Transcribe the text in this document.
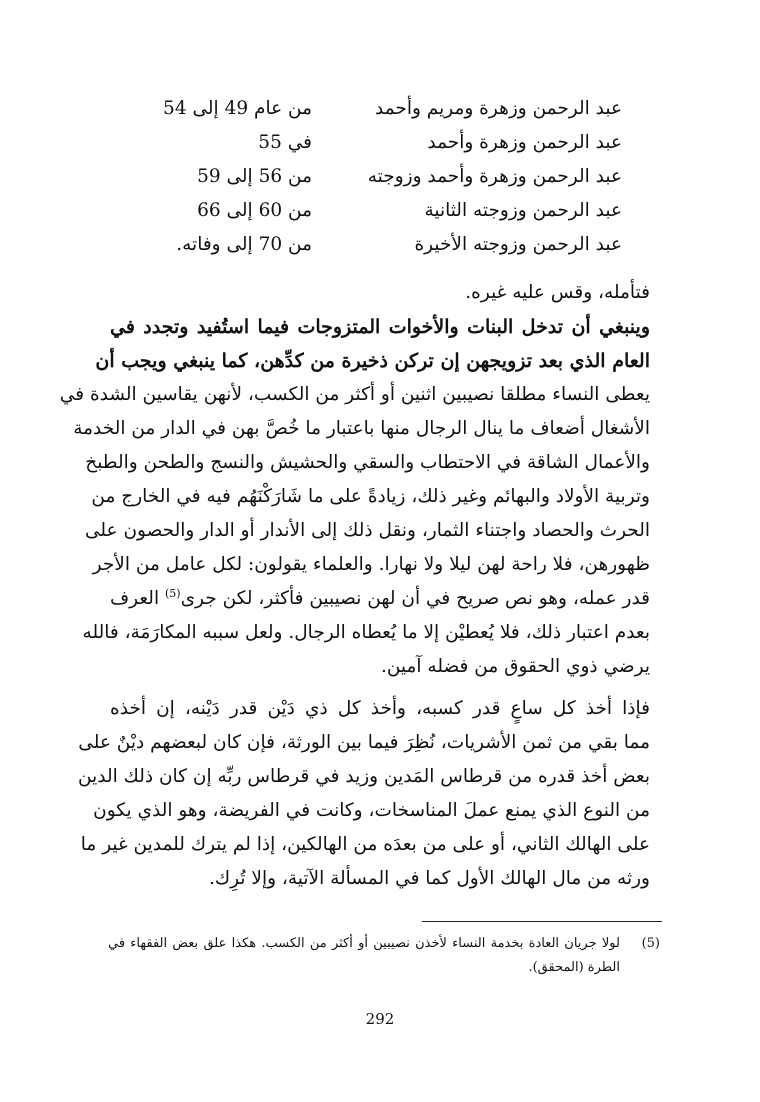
عبد الرحمن وزهرة ومريم وأحمد
من عام 49 إلى 54
عبد الرحمن وزهرة وأحمد
في 55
عبد الرحمن وزهرة وأحمد وزوجته
من 56 إلى 59
عبد الرحمن وزوجته الثانية
من 60 إلى 66
عبد الرحمن وزوجته الأخيرة
من 70 إلى وفاته.
فتأمله، وقس عليه غيره.
وينبغي أن تدخل البنات والأخوات المتزوجات فيما استُفيد وتجدد في
العام الذي بعد تزويجهن إن تركن ذخيرة من كدِّهن، كما ينبغي ويجب أن
يعطى النساء مطلقا نصيبين اثنين أو أكثر من الكسب، لأنهن يقاسين الشدة في
الأشغال أضعاف ما ينال الرجال منها باعتبار ما خُصَّ بهن في الدار من الخدمة
والأعمال الشاقة في الاحتطاب والسقي والحشيش والنسج والطحن والطبخ
وتربية الأولاد والبهائم وغير ذلك، زيادةً على ما شَارَكْنَهُم فيه في الخارج من
الحرث والحصاد واجتناء الثمار، ونقل ذلك إلى الأندار أو الدار والحصون على
ظهورهن، فلا راحة لهن ليلا ولا نهارا. والعلماء يقولون: لكل عامل من الأجر
قدر عمله، وهو نص صريح في أن لهن نصيبين فأكثر، لكن جرى$^{(5)}$ العرف
بعدم اعتبار ذلك، فلا يُعطيْن إلا ما يُعطاه الرجال. ولعل سببه المكارَمَة، فالله
يرضي ذوي الحقوق من فضله آمين.
فإذا أخذ كل ساعٍ قدر كسبه، وأخذ كل ذي دَيْن قدر دَيْنه، إن أخذه
مما بقي من ثمن الأشريات، نُظِرَ فيما بين الورثة، فإن كان لبعضهم ديْنٌ على
بعض أخذ قدره من قرطاس المَدين وزيد في قرطاس ربِّه إن كان ذلك الدين
من النوع الذي يمنع عملَ المناسخات، وكانت في الفريضة، وهو الذي يكون
على الهالك الثاني، أو على من بعدَه من الهالكين، إذا لم يترك للمدين غير ما
ورثه من مال الهالك الأول كما في المسألة الآتية، وإلا تُرِك.
(5)
لولا جريان العادة بخدمة النساء لأخذن نصيبين أو أكثر من الكسب. هكذا علق بعض الفقهاء في
الطرة (المحقق).
292
